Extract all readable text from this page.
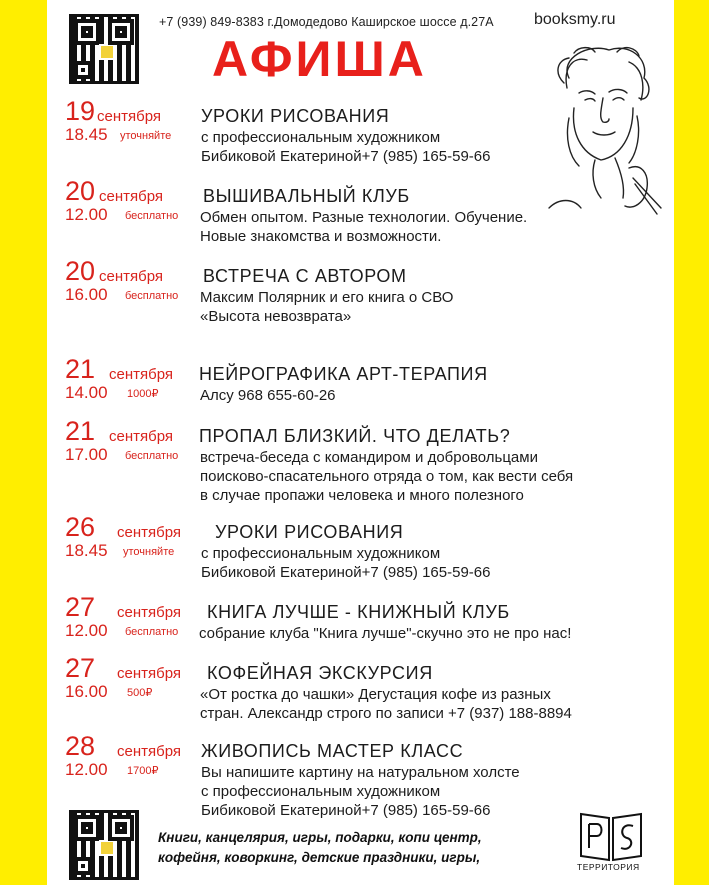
+7 (939) 849-8383 г.Домодедово Каширское шоссе д.27А	booksmy.ru
АФИША
19 сентября
18.45 уточняйте
УРОКИ РИСОВАНИЯ
с профессиональным художником
Бибиковой Екатериной+7 (985) 165-59-66
20 сентября
12.00 бесплатно
ВЫШИВАЛЬНЫЙ КЛУБ
Обмен опытом. Разные технологии. Обучение.
Новые знакомства и возможности.
20 сентября
16.00 бесплатно
ВСТРЕЧА С АВТОРОМ
Максим Полярник и его книга о СВО
«Высота невозврата»
21 сентября
14.00 1000₽
НЕЙРОГРАФИКА АРТ-ТЕРАПИЯ
Алсу 968 655-60-26
21 сентября
17.00 бесплатно
ПРОПАЛ БЛИЗКИЙ. ЧТО ДЕЛАТЬ?
встреча-беседа с командиром и добровольцами
поисково-спасательного отряда о том, как вести себя
в случае пропажи человека и много полезного
26 сентября
18.45 уточняйте
УРОКИ РИСОВАНИЯ
с профессиональным художником
Бибиковой Екатериной+7 (985) 165-59-66
27 сентября
12.00 бесплатно
КНИГА ЛУЧШЕ - КНИЖНЫЙ КЛУБ
собрание клуба "Книга лучше"-скучно это не про нас!
27 сентября
16.00 500₽
КОФЕЙНАЯ ЭКСКУРСИЯ
«От ростка до чашки» Дегустация кофе из разных
стран. Александр строго по записи +7 (937) 188-8894
28 сентября
12.00 1700₽
ЖИВОПИСЬ МАСТЕР КЛАСС
Вы напишите картину на натуральном холсте
с профессиональным художником
Бибиковой Екатериной+7 (985) 165-59-66
Книги, канцелярия, игры, подарки, копи центр,
кофейня, коворкинг, детские праздники, игры,
ТЕРРИТОРИЯ
